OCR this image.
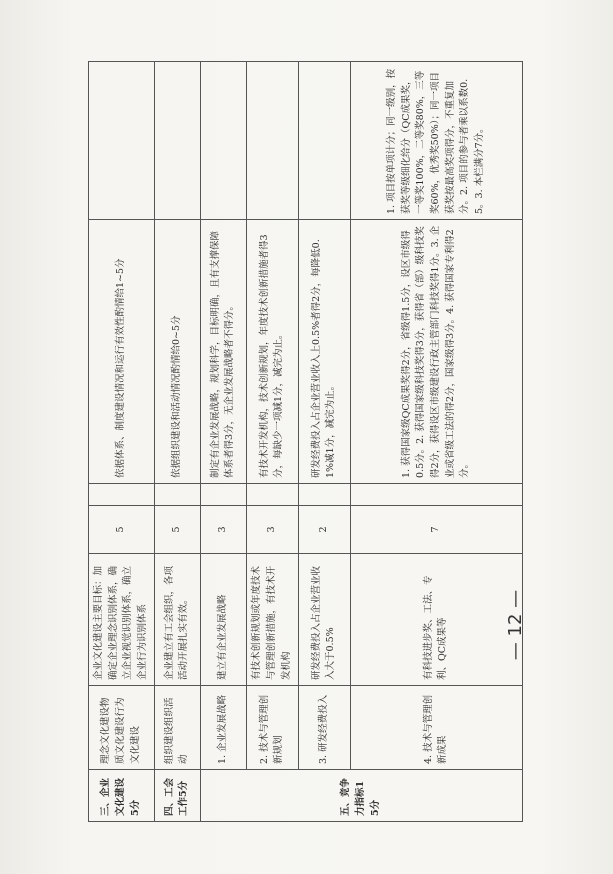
三、企业文化建设5分	理念文化建设物质文化建设行为文化建设	企业文化建设主要目标：加确定企业理念识别体系，确立企业视觉识别体系，确立企业行为识别体系	5		依据体系、制度建设情况和运行有效性酌情给1~5分	
四、工会工作5分	组织建设组织活动	企业建立有工会组织，各项活动开展扎实有效。	5		依据组织建设和活动情况酌情给0~5分	
五、竞争力指标15分	1. 企业发展战略	建立有企业发展战略	3		制定有企业发展战略，规划科学，目标明确，且有支撑保障体系者得3分，无企业发展战略者不得分。	
	2. 技术与管理创新规划	有技术创新规划或年度技术与管理创新措施，有技术开发机构	3		有技术开发机构，技术创新规划，年度技术创新措施者得3分，每缺少一项减1分，减完为止。	
	3. 研发经费投入	研发经费投入占企业营业收入大于0.5%	2		研发经费投入占企业营业收入上0.5%者得2分，每降低0.1%减1分，减完为止。	
	4. 技术与管理创新成果	有科技进步奖、工法、专利、QC成果等	7		1. 获得国家级QC成果奖得2分，省级得1.5分，设区市级得0.5分。2. 获得国家级科技奖得3分，获得省（部）级科技奖得2分，获得设区市级建设行政主管部门科技奖得1分。3. 企业或省级工法的得2分，国家级得3分。4. 获得国家专利得2分。	1. 项目按单项计分；同一级别，按获奖等级细化给分（QC成果奖，一等奖100%，二等奖80%，三等奖60%，优秀奖50%）；同一项目获奖按最高奖项得分，不重复加分。2. 项目的参与者乘以系数0.5。3. 本栏满分7分。
— 12 —
